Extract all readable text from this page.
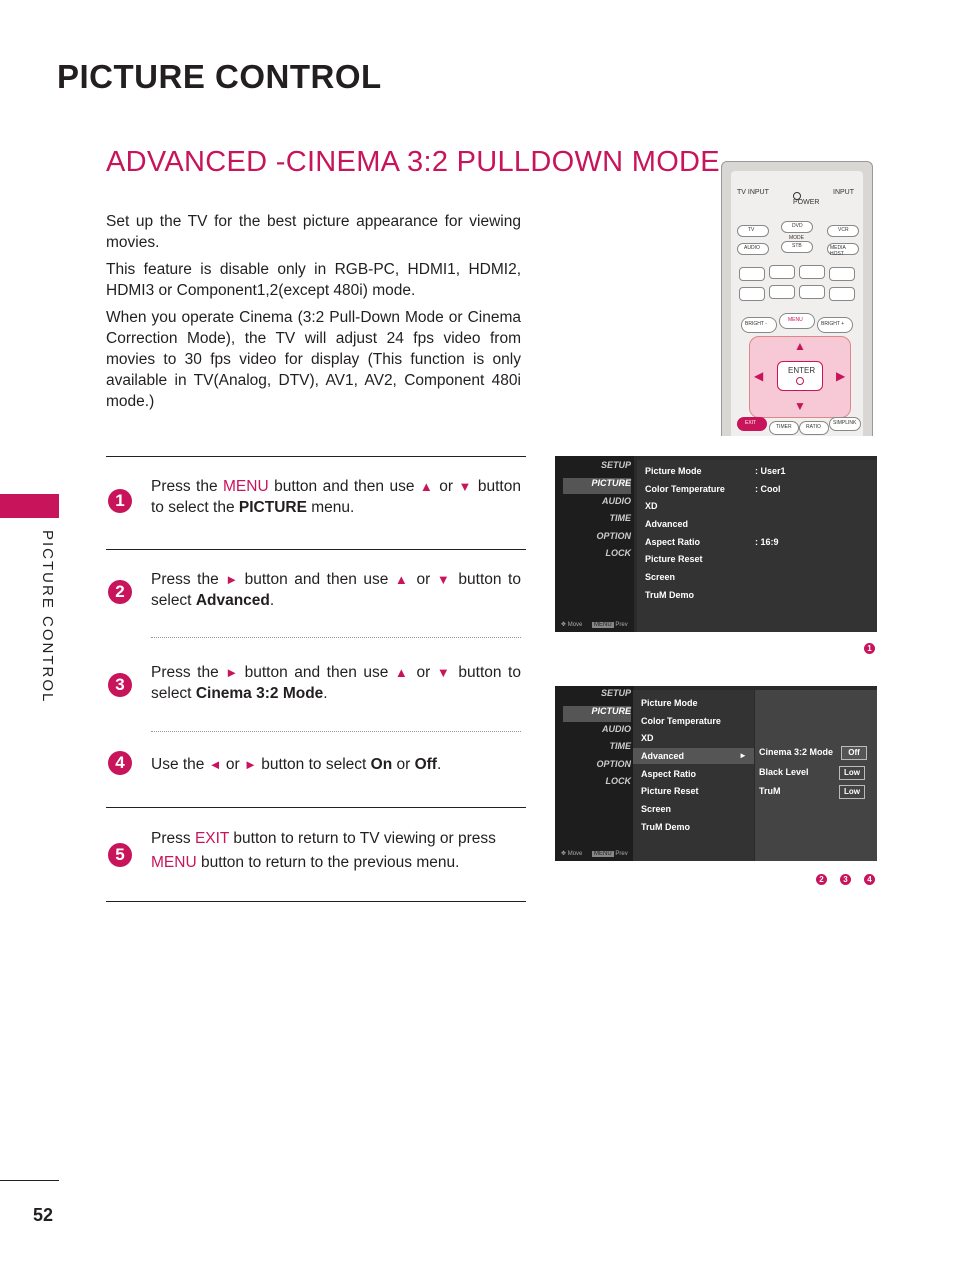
PICTURE CONTROL
ADVANCED -CINEMA 3:2 PULLDOWN MODE
PICTURE CONTROL
52

Set up the TV for the best picture appearance for viewing movies.

This feature is disable only in RGB-PC, HDMI1, HDMI2, HDMI3 or Component1,2(except 480i) mode.

When you operate Cinema (3:2 Pull-Down Mode or Cinema Correction Mode), the TV will adjust 24 fps video from movies to 30 fps video for display (This function is only available in TV(Analog, DTV), AV1, AV2, Component 480i mode.)

TV INPUT
POWER
INPUT
TV
DVD
VCR
MODE
AUDIO	STB	MEDIA HOST
BRIGHT -
MENU
BRIGHT +
▲
▼
◀	▶
ENTER
EXIT
TIMER	RATIO
SIMPLINK
1
Press the MENU button and then use ▲ or ▼ button to select the PICTURE menu.
2
Press the ► button and then use ▲ or ▼ button to select Advanced.
3
Press the ► button and then use ▲ or ▼ button to select Cinema 3:2 Mode.
4	Use the ◄ or ► button to select On or Off.
5
Press EXIT button to return to TV viewing or press MENU button to return to the previous menu.
SETUP
PICTURE
AUDIO
TIME
OPTION
LOCK
✥ Move MENU Prev
Picture Mode	: User1
Color Temperature	: Cool
XD
Advanced
Aspect Ratio	: 16:9
Picture Reset
Screen
TruM Demo
1
SETUP
PICTURE
AUDIO
TIME
OPTION
LOCK
✥ Move MENU Prev
Picture Mode
Color Temperature
XD
Advanced	►
Aspect Ratio
Picture Reset
Screen
TruM Demo
Cinema 3:2 Mode	Off
Black Level	Low
TruM	Low
2	3	4
